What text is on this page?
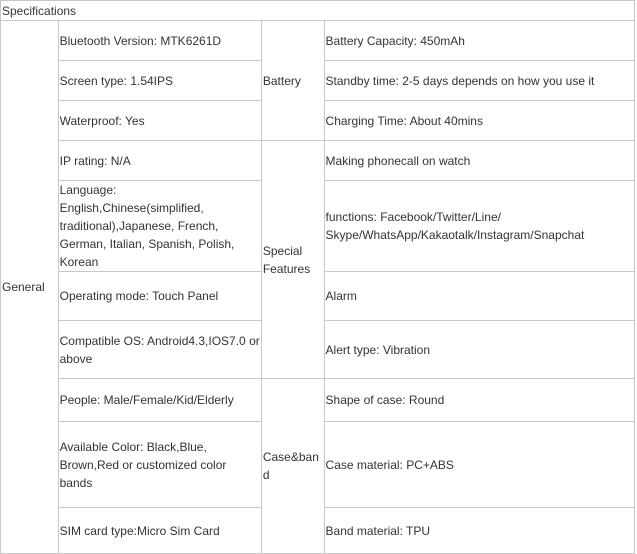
Specifications			
General	Bluetooth Version: MTK6261D	Battery	Battery Capacity: 450mAh
	Screen type: 1.54IPS		Standby time: 2-5 days depends on how you use it
	Waterproof: Yes		Charging Time: About 40mins
	IP rating: N/A	Special Features	Making phonecall on watch
	Language: English,Chinese(simplified, traditional),Japanese, French, German, Italian, Spanish, Polish, Korean		functions: Facebook/Twitter/Line/ Skype/WhatsApp/Kakaotalk/Instagram/Snapchat
	Operating mode: Touch Panel		Alarm
	Compatible OS: Android4.3,IOS7.0 or above		Alert type: Vibration
	People: Male/Female/Kid/Elderly	Case&band	Shape of case: Round
	Available Color: Black,Blue, Brown,Red or customized color bands		Case material: PC+ABS
	SIM card type:Micro Sim Card		Band material: TPU
